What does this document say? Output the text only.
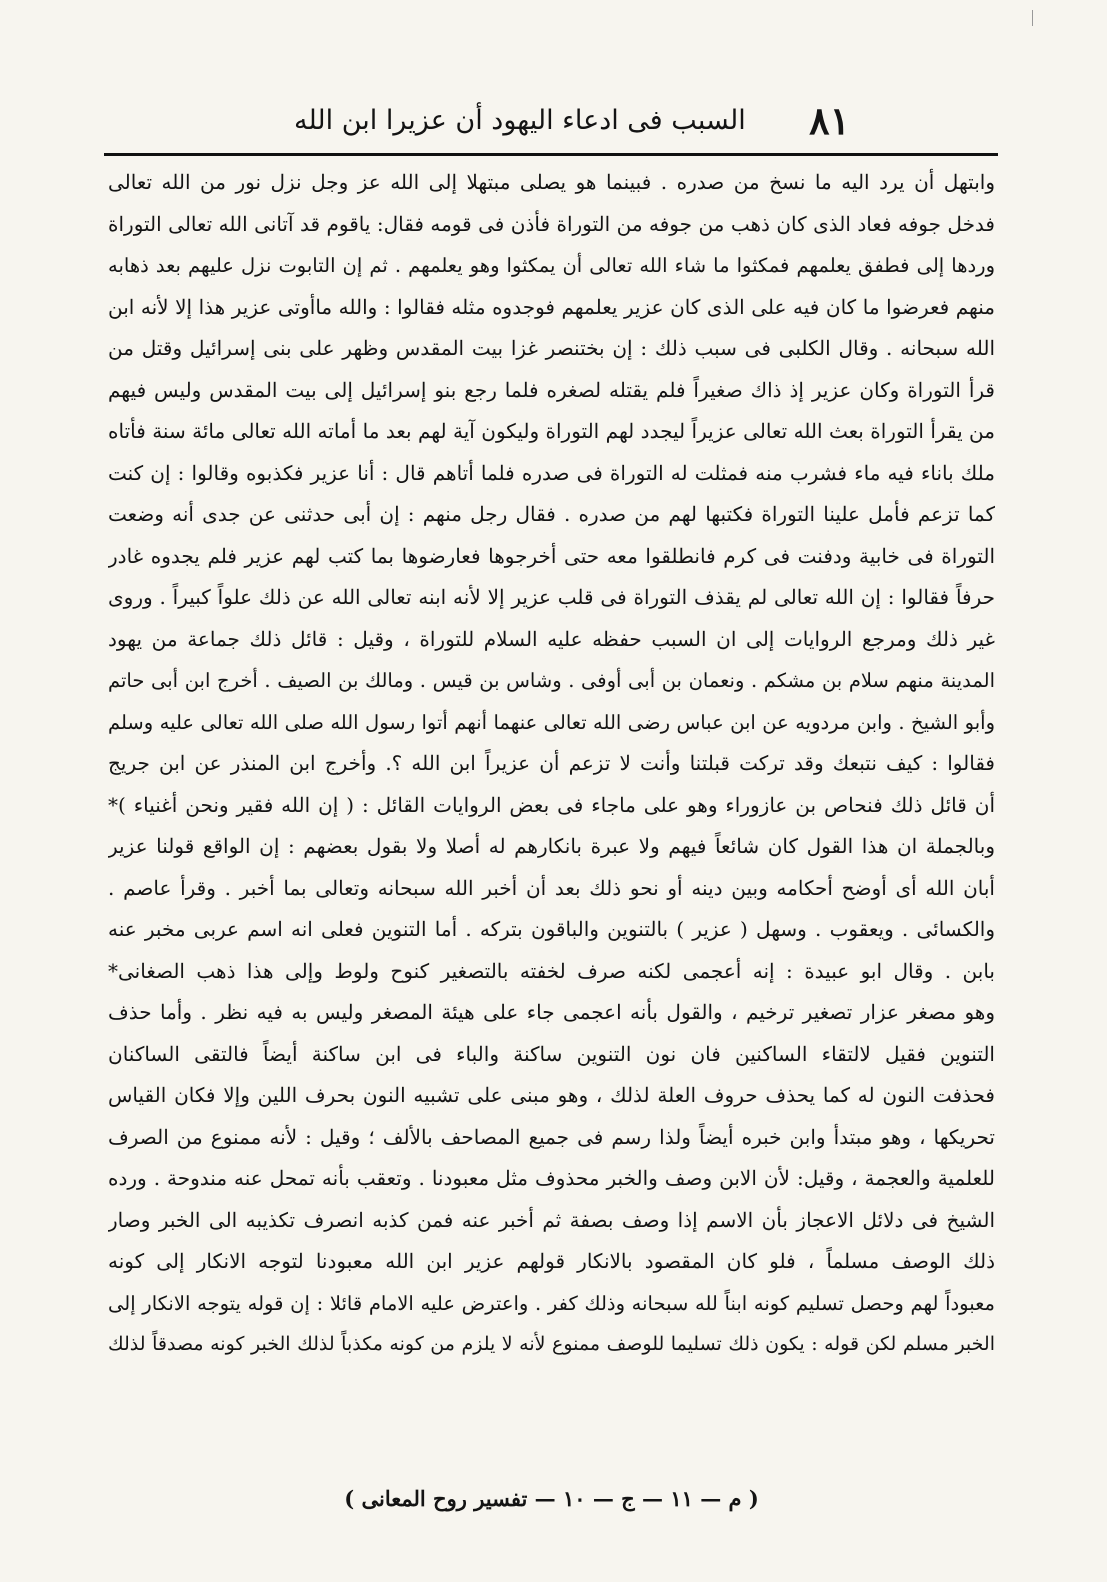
٨١
السبب فى ادعاء اليهود أن عزيرا ابن الله
وابتهل أن يرد اليه ما نسخ من صدره . فبينما هو يصلى مبتهلا إلى الله عز وجل نزل نور من الله تعالى
فدخل جوفه فعاد الذى كان ذهب من جوفه من التوراة فأذن فى قومه فقال: ياقوم قد آتانى الله تعالى التوراة
وردها إلى فطفق يعلمهم فمكثوا ما شاء الله تعالى أن يمكثوا وهو يعلمهم . ثم إن التابوت نزل عليهم بعد ذهابه
منهم فعرضوا ما كان فيه على الذى كان عزير يعلمهم فوجدوه مثله فقالوا : والله ماأوتى عزير هذا إلا لأنه ابن
الله سبحانه . وقال الكلبى فى سبب ذلك : إن بختنصر غزا بيت المقدس وظهر على بنى إسرائيل وقتل من
قرأ التوراة وكان عزير إذ ذاك صغيراً فلم يقتله لصغره فلما رجع بنو إسرائيل إلى بيت المقدس وليس فيهم
من يقرأ التوراة بعث الله تعالى عزيراً ليجدد لهم التوراة وليكون آية لهم بعد ما أماته الله تعالى مائة سنة فأتاه
ملك باناء فيه ماء فشرب منه فمثلت له التوراة فى صدره فلما أتاهم قال : أنا عزير فكذبوه وقالوا : إن كنت
كما تزعم فأمل علينا التوراة فكتبها لهم من صدره . فقال رجل منهم : إن أبى حدثنى عن جدى أنه وضعت
التوراة فى خابية ودفنت فى كرم فانطلقوا معه حتى أخرجوها فعارضوها بما كتب لهم عزير فلم يجدوه غادر
حرفاً فقالوا : إن الله تعالى لم يقذف التوراة فى قلب عزير إلا لأنه ابنه تعالى الله عن ذلك علواً كبيراً . وروى
غير ذلك ومرجع الروايات إلى ان السبب حفظه عليه السلام للتوراة ، وقيل : قائل ذلك جماعة من يهود
المدينة منهم سلام بن مشكم . ونعمان بن أبى أوفى . وشاس بن قيس . ومالك بن الصيف . أخرج ابن أبى حاتم
وأبو الشيخ . وابن مردويه عن ابن عباس رضى الله تعالى عنهما أنهم أتوا رسول الله صلى الله تعالى عليه وسلم
فقالوا : كيف نتبعك وقد تركت قبلتنا وأنت لا تزعم أن عزيراً ابن الله ؟. وأخرج ابن المنذر عن ابن جريج
أن قائل ذلك فنحاص بن عازوراء وهو على ماجاء فى بعض الروايات القائل : ( إن الله فقير ونحن أغنياء )*
وبالجملة ان هذا القول كان شائعاً فيهم ولا عبرة بانكارهم له أصلا ولا بقول بعضهم : إن الواقع قولنا عزير
أبان الله أى أوضح أحكامه وبين دينه أو نحو ذلك بعد أن أخبر الله سبحانه وتعالى بما أخبر . وقرأ عاصم .
والكسائى . ويعقوب . وسهل ( عزير ) بالتنوين والباقون بتركه . أما التنوين فعلى انه اسم عربى مخبر عنه
بابن . وقال ابو عبيدة : إنه أعجمى لكنه صرف لخفته بالتصغير كنوح ولوط وإلى هذا ذهب الصغانى*
وهو مصغر عزار تصغير ترخيم ، والقول بأنه اعجمى جاء على هيئة المصغر وليس به فيه نظر . وأما حذف
التنوين فقيل لالتقاء الساكنين فان نون التنوين ساكنة والباء فى ابن ساكنة أيضاً فالتقى الساكنان
فحذفت النون له كما يحذف حروف العلة لذلك ، وهو مبنى على تشبيه النون بحرف اللين وإلا فكان القياس
تحريكها ، وهو مبتدأ وابن خبره أيضاً ولذا رسم فى جميع المصاحف بالألف ؛ وقيل : لأنه ممنوع من الصرف
للعلمية والعجمة ، وقيل: لأن الابن وصف والخبر محذوف مثل معبودنا . وتعقب بأنه تمحل عنه مندوحة . ورده
الشيخ فى دلائل الاعجاز بأن الاسم إذا وصف بصفة ثم أخبر عنه فمن كذبه انصرف تكذيبه الى الخبر وصار
ذلك الوصف مسلماً ، فلو كان المقصود بالانكار قولهم عزير ابن الله معبودنا لتوجه الانكار إلى كونه
معبوداً لهم وحصل تسليم كونه ابناً لله سبحانه وذلك كفر . واعترض عليه الامام قائلا : إن قوله يتوجه الانكار إلى
الخبر مسلم لكن قوله : يكون ذلك تسليما للوصف ممنوع لأنه لا يلزم من كونه مكذباً لذلك الخبر كونه مصدقاً لذلك
( م — ١١ — ج — ١٠ — تفسير روح المعانى )
